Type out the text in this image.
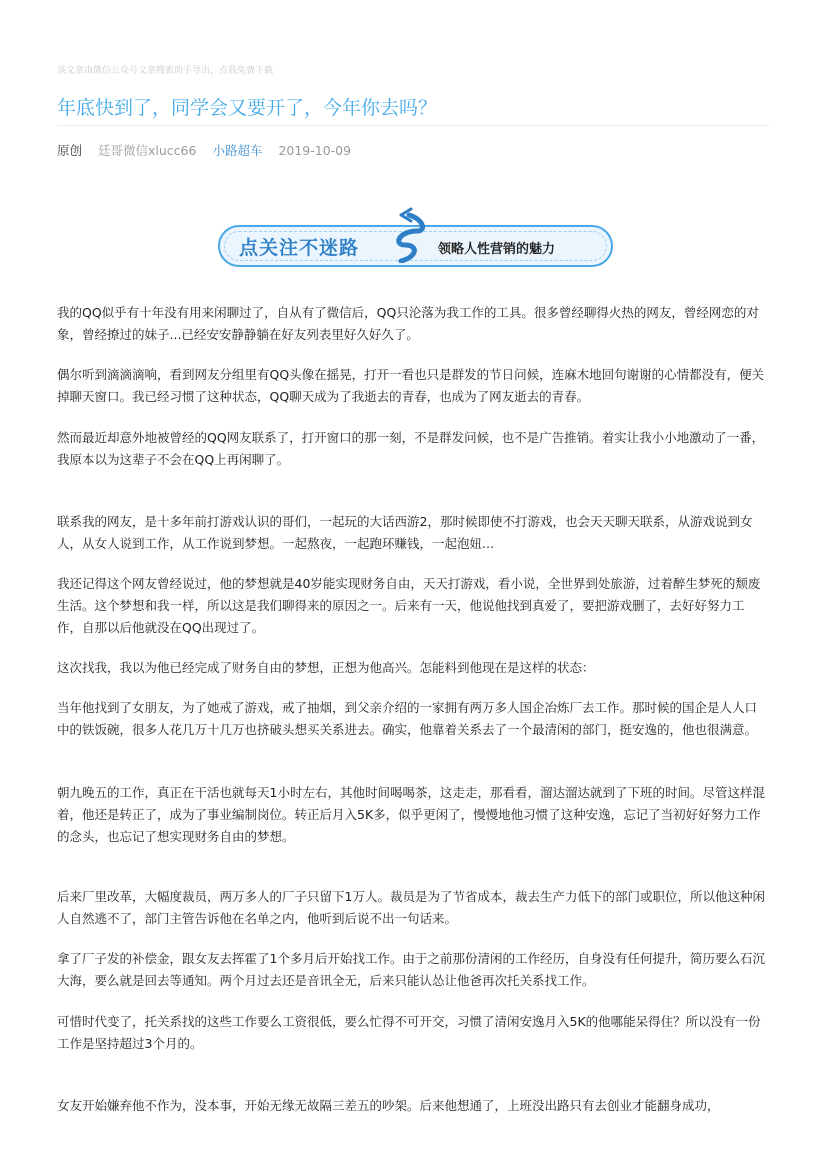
该文章由微信公众号文章搜索助手导出，点我免费下载
年底快到了，同学会又要开了，今年你去吗？
原创 廷哥微信xlucc66 小路超车 2019-10-09
点关注不迷路	领略人性营销的魅力

我的QQ似乎有十年没有用来闲聊过了，自从有了微信后，QQ只沦落为我工作的工具。很多曾经聊得火热的网友，曾经网恋的对象，曾经撩过的妹子...已经安安静静躺在好友列表里好久好久了。

偶尔听到滴滴滴响，看到网友分组里有QQ头像在摇晃，打开一看也只是群发的节日问候，连麻木地回句谢谢的心情都没有，便关掉聊天窗口。我已经习惯了这种状态，QQ聊天成为了我逝去的青春，也成为了网友逝去的青春。

然而最近却意外地被曾经的QQ网友联系了，打开窗口的那一刻，不是群发问候，也不是广告推销。着实让我小小地激动了一番，我原本以为这辈子不会在QQ上再闲聊了。

联系我的网友，是十多年前打游戏认识的哥们，一起玩的大话西游2，那时候即使不打游戏，也会天天聊天联系，从游戏说到女人，从女人说到工作，从工作说到梦想。一起熬夜，一起跑环赚钱，一起泡妞...

我还记得这个网友曾经说过，他的梦想就是40岁能实现财务自由，天天打游戏，看小说，全世界到处旅游，过着醉生梦死的颓废生活。这个梦想和我一样，所以这是我们聊得来的原因之一。后来有一天，他说他找到真爱了，要把游戏删了，去好好努力工作，自那以后他就没在QQ出现过了。

这次找我，我以为他已经完成了财务自由的梦想，正想为他高兴。怎能料到他现在是这样的状态：

当年他找到了女朋友，为了她戒了游戏，戒了抽烟，到父亲介绍的一家拥有两万多人国企冶炼厂去工作。那时候的国企是人人口中的铁饭碗，很多人花几万十几万也挤破头想买关系进去。确实，他靠着关系去了一个最清闲的部门，挺安逸的，他也很满意。

朝九晚五的工作，真正在干活也就每天1小时左右，其他时间喝喝茶，这走走，那看看，溜达溜达就到了下班的时间。尽管这样混着，他还是转正了，成为了事业编制岗位。转正后月入5K多，似乎更闲了，慢慢地他习惯了这种安逸，忘记了当初好好努力工作的念头，也忘记了想实现财务自由的梦想。

后来厂里改革，大幅度裁员，两万多人的厂子只留下1万人。裁员是为了节省成本，裁去生产力低下的部门或职位，所以他这种闲人自然逃不了，部门主管告诉他在名单之内，他听到后说不出一句话来。

拿了厂子发的补偿金，跟女友去挥霍了1个多月后开始找工作。由于之前那份清闲的工作经历，自身没有任何提升，简历要么石沉大海，要么就是回去等通知。两个月过去还是音讯全无，后来只能认怂让他爸再次托关系找工作。

可惜时代变了，托关系找的这些工作要么工资很低，要么忙得不可开交，习惯了清闲安逸月入5K的他哪能呆得住？所以没有一份工作是坚持超过3个月的。

女友开始嫌弃他不作为，没本事，开始无缘无故隔三差五的吵架。后来他想通了，上班没出路只有去创业才能翻身成功，
